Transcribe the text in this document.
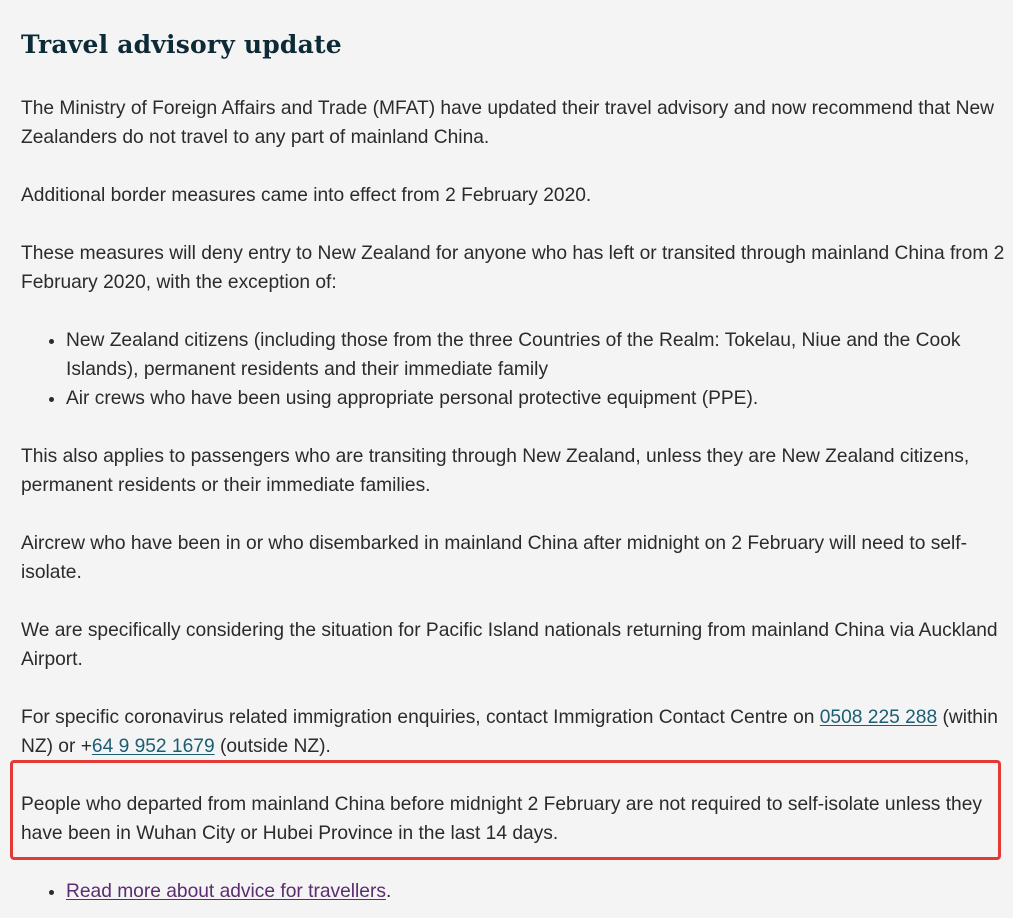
Travel advisory update

The Ministry of Foreign Affairs and Trade (MFAT) have updated their travel advisory and now recommend that New Zealanders do not travel to any part of mainland China.

Additional border measures came into effect from 2 February 2020.

These measures will deny entry to New Zealand for anyone who has left or transited through mainland China from 2 February 2020, with the exception of:

• New Zealand citizens (including those from the three Countries of the Realm: Tokelau, Niue and the Cook Islands), permanent residents and their immediate family
• Air crews who have been using appropriate personal protective equipment (PPE).

This also applies to passengers who are transiting through New Zealand, unless they are New Zealand citizens, permanent residents or their immediate families.

Aircrew who have been in or who disembarked in mainland China after midnight on 2 February will need to self-isolate.

We are specifically considering the situation for Pacific Island nationals returning from mainland China via Auckland Airport.

For specific coronavirus related immigration enquiries, contact Immigration Contact Centre on 0508 225 288 (within NZ) or +64 9 952 1679 (outside NZ).

People who departed from mainland China before midnight 2 February are not required to self-isolate unless they have been in Wuhan City or Hubei Province in the last 14 days.

• Read more about advice for travellers.
